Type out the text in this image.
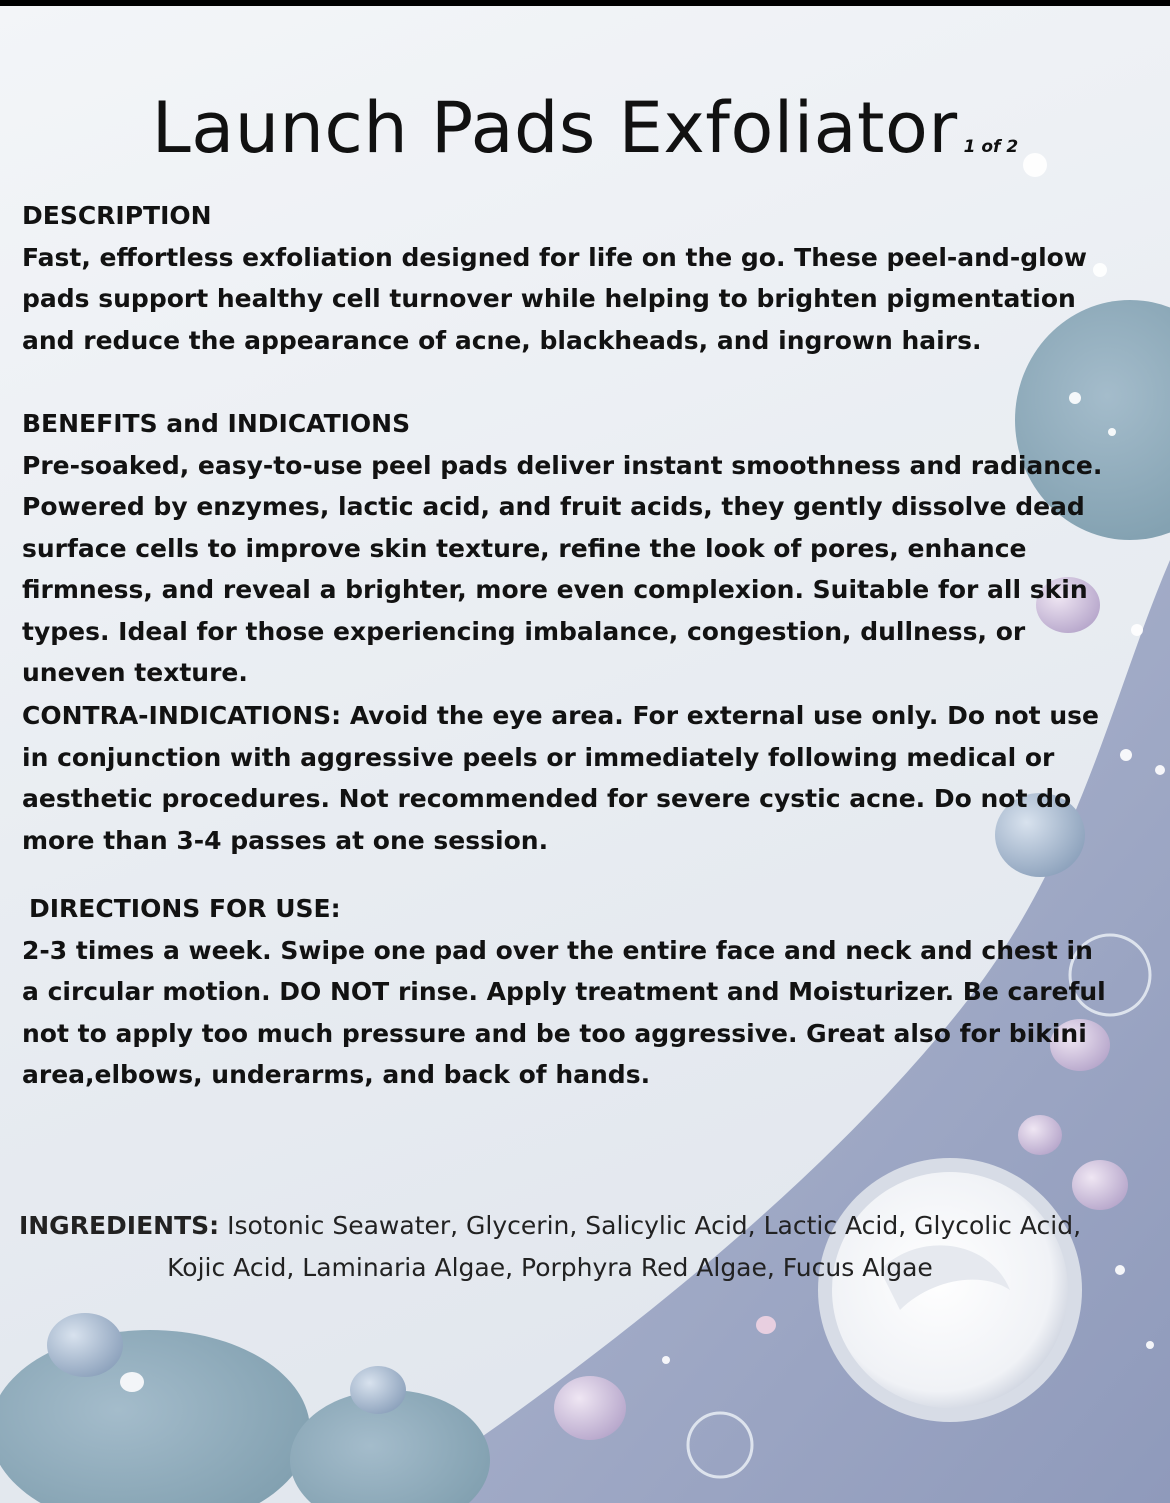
Launch Pads Exfoliator 1 of 2

DESCRIPTION

Fast, effortless exfoliation designed for life on the go. These peel-and-glow pads support healthy cell turnover while helping to brighten pigmentation and reduce the appearance of acne, blackheads, and ingrown hairs.

BENEFITS and INDICATIONS

Pre-soaked, easy-to-use peel pads deliver instant smoothness and radiance. Powered by enzymes, lactic acid, and fruit acids, they gently dissolve dead surface cells to improve skin texture, refine the look of pores, enhance firmness, and reveal a brighter, more even complexion. Suitable for all skin types. Ideal for those experiencing imbalance, congestion, dullness, or uneven texture.

CONTRA-INDICATIONS: Avoid the eye area. For external use only. Do not use in conjunction with aggressive peels or immediately following medical or aesthetic procedures. Not recommended for severe cystic acne. Do not do more than 3-4 passes at one session.

DIRECTIONS FOR USE:

2-3 times a week. Swipe one pad over the entire face and neck and chest in a circular motion. DO NOT rinse. Apply treatment and Moisturizer. Be careful not to apply too much pressure and be too aggressive. Great also for bikini area,elbows, underarms, and back of hands.

INGREDIENTS: Isotonic Seawater, Glycerin, Salicylic Acid, Lactic Acid, Glycolic Acid, Kojic Acid, Laminaria Algae, Porphyra Red Algae, Fucus Algae
